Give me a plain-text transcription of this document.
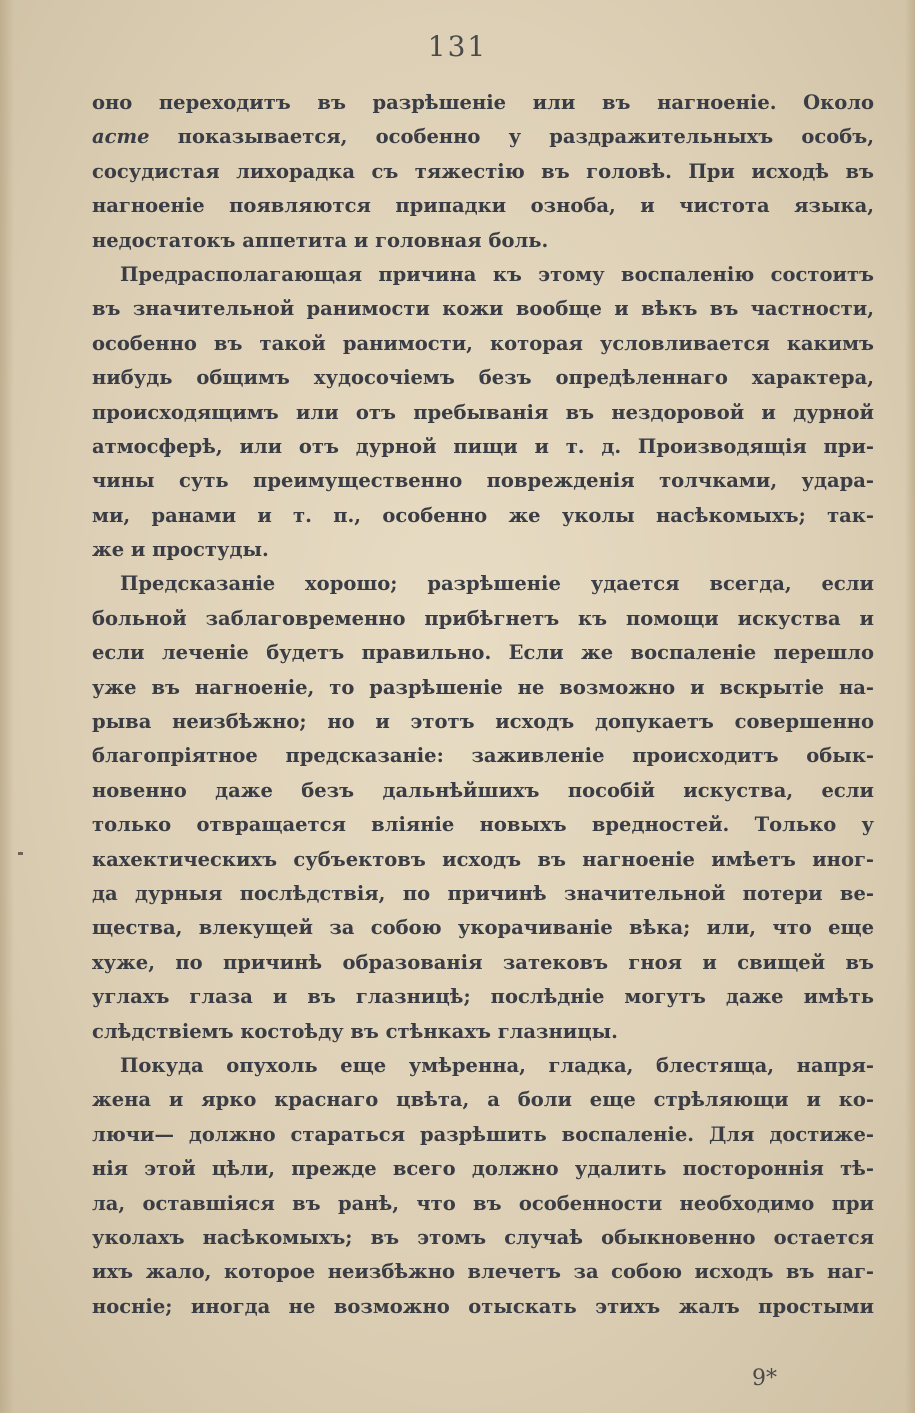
131
оно переходитъ въ разрѣшеніе или въ нагноеніе. Около
acme показывается, особенно у раздражительныхъ особъ,
сосудистая лихорадка съ тяжестію въ головѣ. При исходѣ въ
нагноеніе появляются припадки озноба, и чистота языка,
недостатокъ аппетита и головная боль.
Предрасполагающая причина къ этому воспаленію состоитъ
въ значительной ранимости кожи вообще и вѣкъ въ частности,
особенно въ такой ранимости, которая условливается какимъ
нибудь общимъ худосочіемъ безъ опредѣленнаго характера,
происходящимъ или отъ пребыванія въ нездоровой и дурной
атмосферѣ, или отъ дурной пищи и т. д. Производящія при-
чины суть преимущественно поврежденія толчками, удара-
ми, ранами и т. п., особенно же уколы насѣкомыхъ; так-
же и простуды.
Предсказаніе хорошо; разрѣшеніе удается всегда, если
больной заблаговременно прибѣгнетъ къ помощи искуства и
если леченіе будетъ правильно. Если же воспаленіе перешло
уже въ нагноеніе, то разрѣшеніе не возможно и вскрытіе на-
рыва неизбѣжно; но и этотъ исходъ допукаетъ совершенно
благопріятное предсказаніе: заживленіе происходитъ обык-
новенно даже безъ дальнѣйшихъ пособій искуства, если
только отвращается вліяніе новыхъ вредностей. Только у
кахектическихъ субъектовъ исходъ въ нагноеніе имѣетъ иног-
да дурныя послѣдствія, по причинѣ значительной потери ве-
щества, влекущей за собою укорачиваніе вѣка; или, что еще
хуже, по причинѣ образованія затековъ гноя и свищей въ
углахъ глаза и въ глазницѣ; послѣдніе могутъ даже имѣть
слѣдствіемъ костоѣду въ стѣнкахъ глазницы.
Покуда опухоль еще умѣренна, гладка, блестяща, напря-
жена и ярко краснаго цвѣта, а боли еще стрѣляющи и ко-
лючи— должно стараться разрѣшить воспаленіе. Для достиже-
нія этой цѣли, прежде всего должно удалить постороннія тѣ-
ла, оставшіяся въ ранѣ, что въ особенности необходимо при
уколахъ насѣкомыхъ; въ этомъ случаѣ обыкновенно остается
ихъ жало, которое неизбѣжно влечетъ за собою исходъ въ наг-
носніе; иногда не возможно отыскать этихъ жалъ простыми
9*
